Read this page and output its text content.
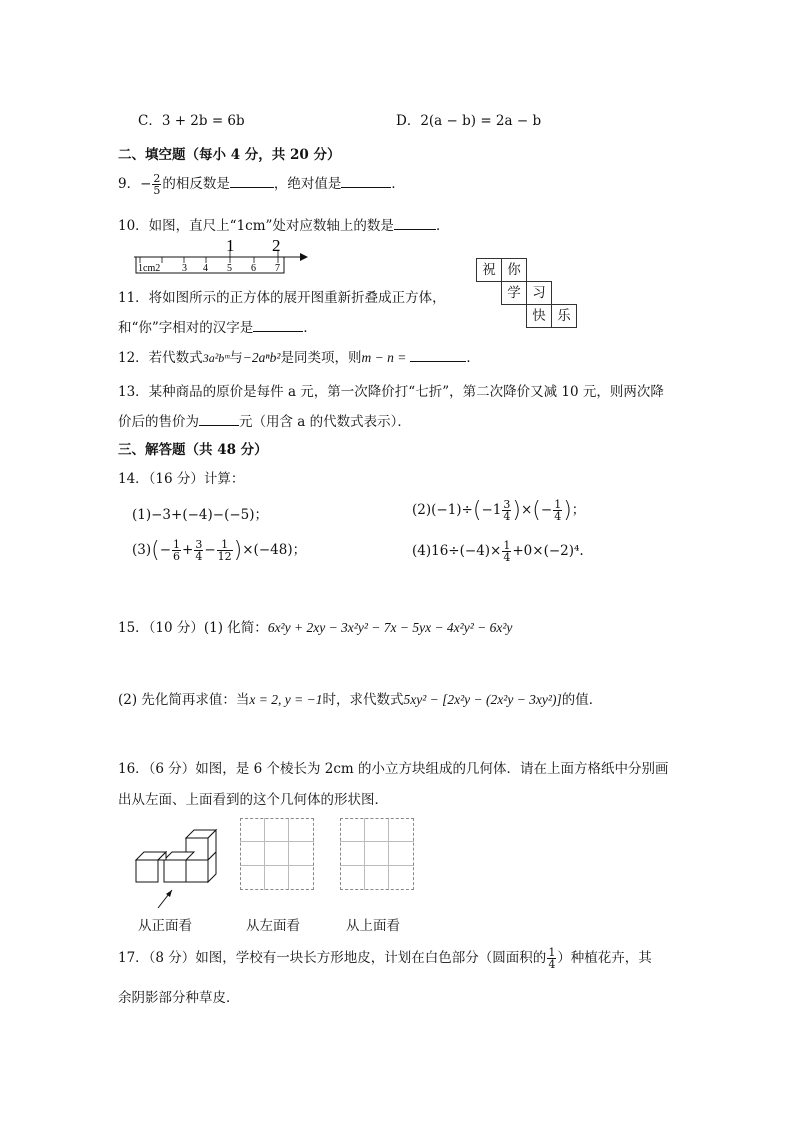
C．3 + 2b = 6b	D．2(a − b) = 2a − b
二、填空题（每小 4 分，共 20 分）
9．− $\frac{2}{5}$ 的相反数是	，绝对值是	．
10．如图，直尺上“1cm”处对应数轴上的数是	．
1 2
1cm2 3 4 5 6 7	祝 你
学 习
快 乐
11．将如图所示的正方体的展开图重新折叠成正方体，
和“你”字相对的汉字是	．
12．若代数式3a²bᵐ与−2aⁿb²是同类项，则m − n =	．
13．某种商品的原价是每件 a 元，第一次降价打“七折”，第二次降价又减 10 元，则两次降
价后的售价为	元（用含 a 的代数式表示）．
三、解答题（共 48 分）
14．（16 分）计算：
(1)−3+(−4)−(−5)；	$(2)(-1)\div(-1 \frac{3}{4}$ )×(− $\frac{1}{4}$ )；
$(3)(- \frac{1}{6} + \frac{3}{4} - \frac{1}{12} )\times(-48)$；	$(4)16\div(-4)\times \frac{1}{4} +0\times(-2)^4$.
15．（10 分）(1) 化简：6x²y + 2xy − 3x²y² − 7x − 5yx − 4x²y² − 6x²y
(2) 先化简再求值：当x = 2, y = −1时，求代数式5xy² − [2x²y − (2x²y − 3xy²)]的值．
16．（6 分）如图，是 6 个棱长为 2cm 的小立方块组成的几何体．请在上面方格纸中分别画
出从左面、上面看到的这个几何体的形状图．
从正面看	从左面看	从上面看
17．（8 分）如图，学校有一块长方形地皮，计划在白色部分（圆面积的 $\frac{1}{4}$ ）种植花卉，其
余阴影部分种草皮．
